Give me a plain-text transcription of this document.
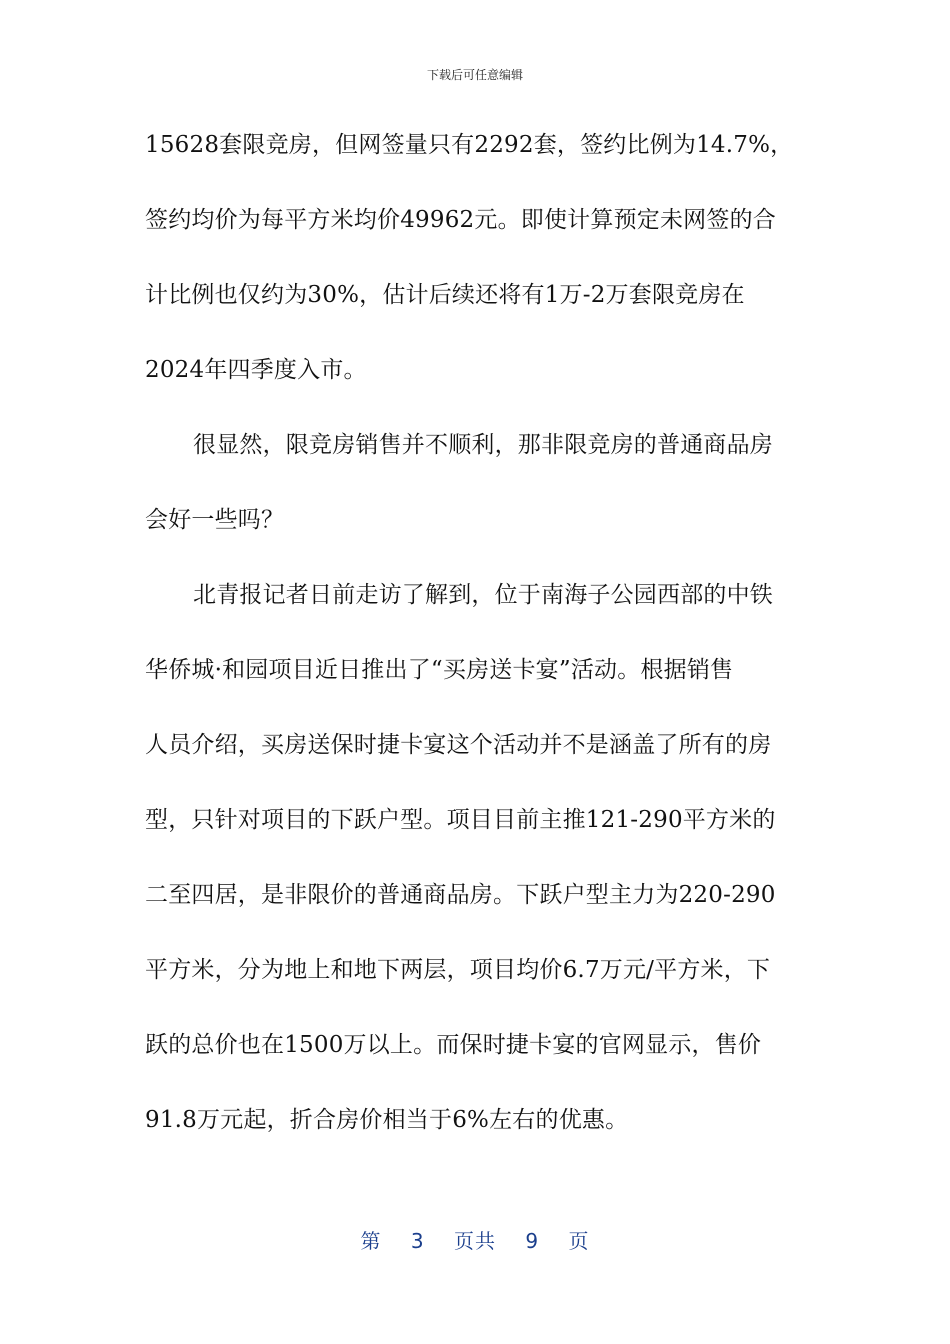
下载后可任意编辑
15628套限竞房，但网签量只有2292套，签约比例为14.7%，
签约均价为每平方米均价49962元。即使计算预定未网签的合
计比例也仅约为30%，估计后续还将有1万-2万套限竞房在
2024年四季度入市。
很显然，限竞房销售并不顺利，那非限竞房的普通商品房
会好一些吗？
北青报记者日前走访了解到，位于南海子公园西部的中铁
华侨城·和园项目近日推出了“买房送卡宴”活动。根据销售
人员介绍，买房送保时捷卡宴这个活动并不是涵盖了所有的房
型，只针对项目的下跃户型。项目目前主推121-290平方米的
二至四居，是非限价的普通商品房。下跃户型主力为220-290
平方米，分为地上和地下两层，项目均价6.7万元/平方米，下
跃的总价也在1500万以上。而保时捷卡宴的官网显示，售价
91.8万元起，折合房价相当于6%左右的优惠。
第 3 页共 9 页
